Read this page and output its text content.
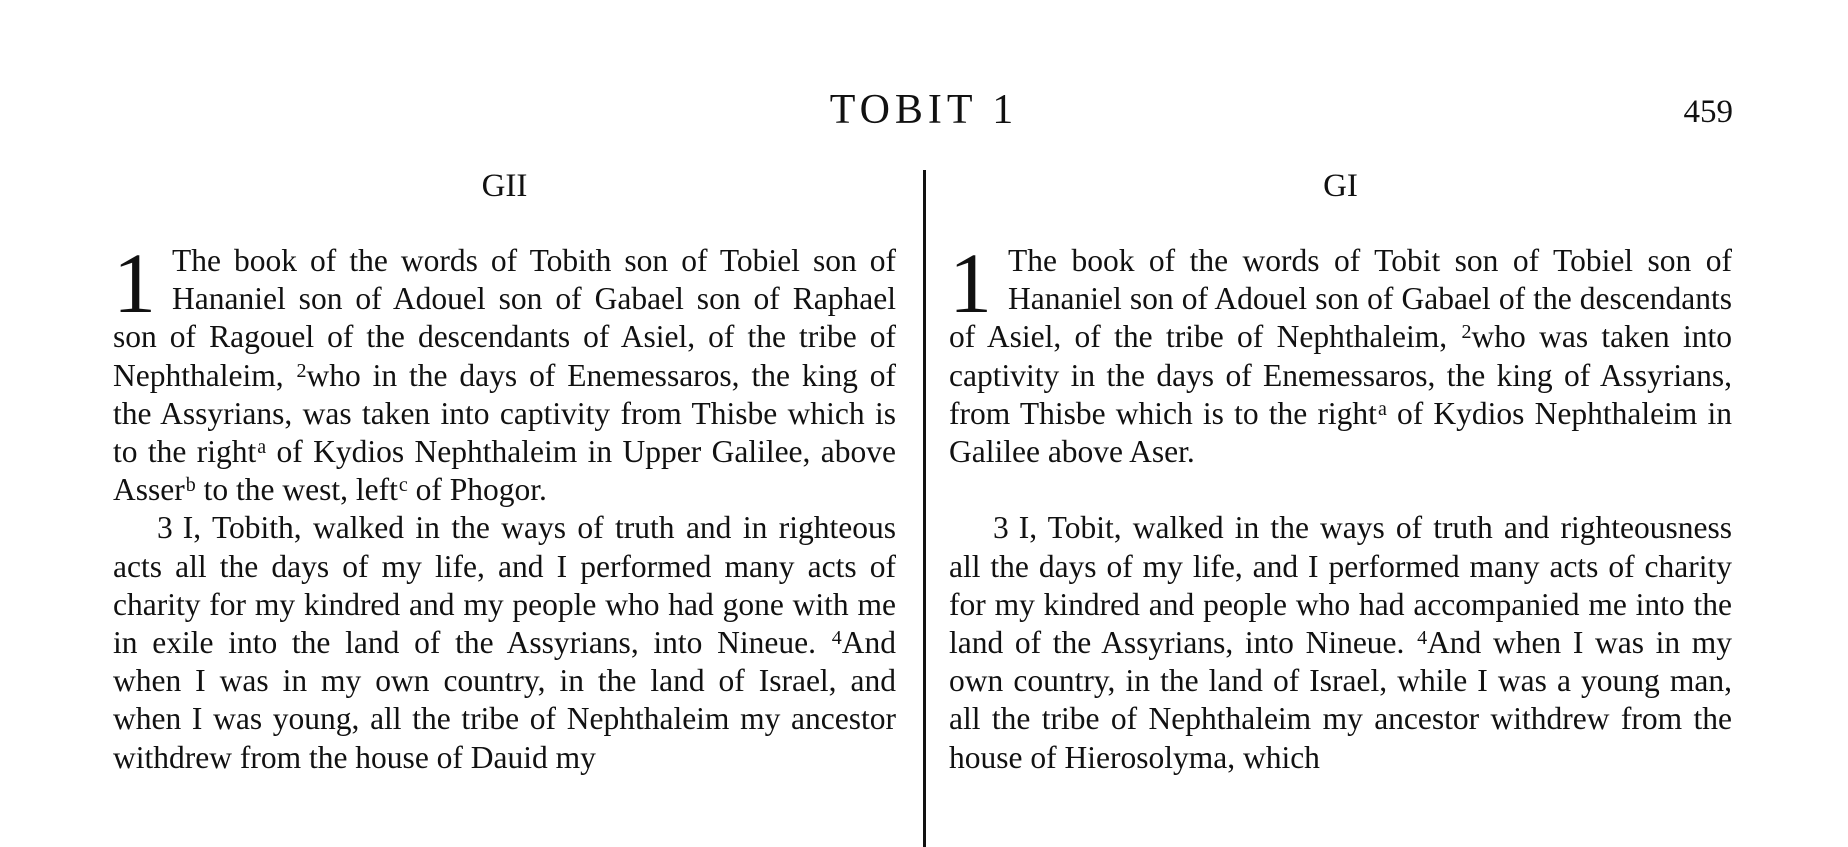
TOBIT 1	459
GII	GI

1 The book of the words of Tobith son of Tobiel son of Hananiel son of Adouel son of Gabael son of Raphael son of Ragouel of the descendants of Asiel, of the tribe of Nephthaleim, $^2$who in the days of Enemessaros, the king of the Assyrians, was taken into captivity from Thisbe which is to the right$^a$ of Kydios Nephthaleim in Upper Galilee, above Asser$^b$ to the west, left$^c$ of Phogor.

3 I, Tobith, walked in the ways of truth and in righteous acts all the days of my life, and I performed many acts of charity for my kindred and my people who had gone with me in exile into the land of the Assyrians, into Nineue. $^4$And when I was in my own country, in the land of Israel, and when I was young, all the tribe of Nephthaleim my ancestor withdrew from the house of Dauid my

1 The book of the words of Tobit son of Tobiel son of Hananiel son of Adouel son of Gabael of the descendants of Asiel, of the tribe of Nephthaleim, $^2$who was taken into captivity in the days of Enemessaros, the king of Assyrians, from Thisbe which is to the right$^a$ of Kydios Nephthaleim in Galilee above Aser.

3 I, Tobit, walked in the ways of truth and righteousness all the days of my life, and I performed many acts of charity for my kindred and people who had accompanied me into the land of the Assyrians, into Nineue. $^4$And when I was in my own country, in the land of Israel, while I was a young man, all the tribe of Nephthaleim my ancestor withdrew from the house of Hierosolyma, which
